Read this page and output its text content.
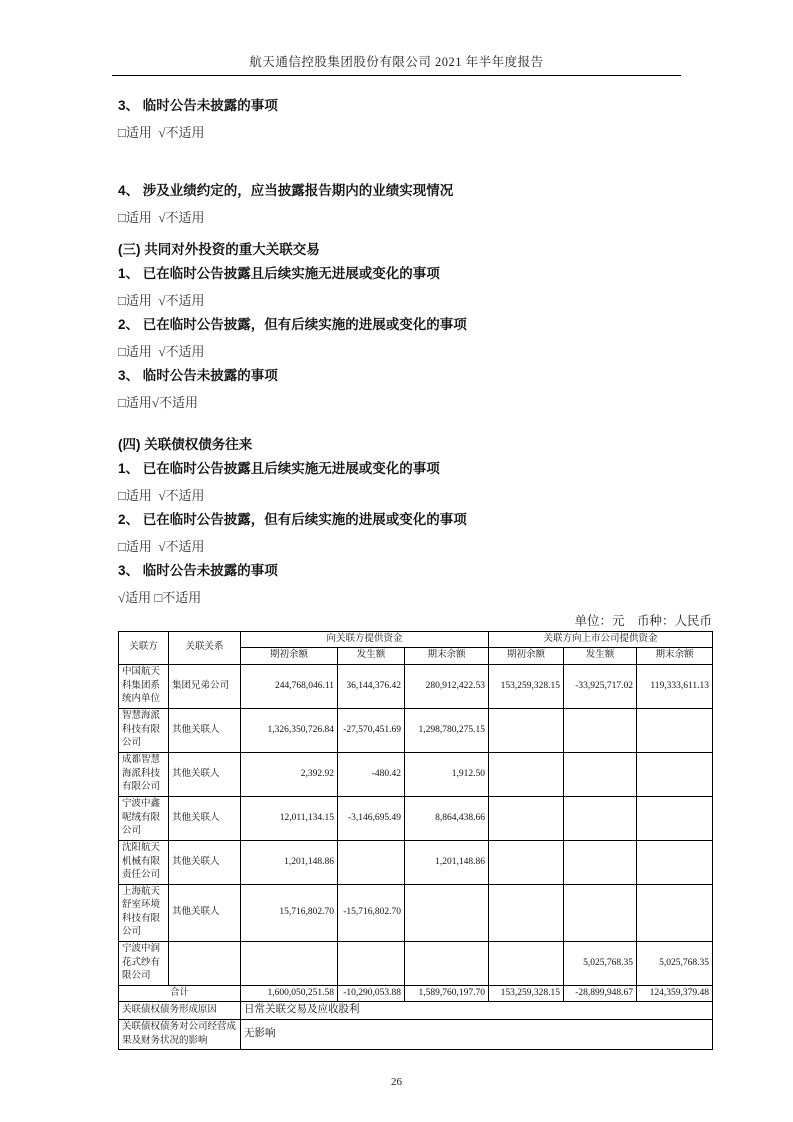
航天通信控股集团股份有限公司 2021 年半年度报告

3、 临时公告未披露的事项

□适用  √不适用

4、 涉及业绩约定的，应当披露报告期内的业绩实现情况

□适用  √不适用

(三) 共同对外投资的重大关联交易

1、 已在临时公告披露且后续实施无进展或变化的事项

□适用  √不适用

2、 已在临时公告披露，但有后续实施的进展或变化的事项

□适用  √不适用

3、 临时公告未披露的事项

□适用√不适用

(四) 关联债权债务往来

1、 已在临时公告披露且后续实施无进展或变化的事项

□适用  √不适用

2、 已在临时公告披露，但有后续实施的进展或变化的事项

□适用  √不适用

3、 临时公告未披露的事项

√适用 □不适用

单位：元　币种：人民币
关联方	关联关系	向关联方提供资金			关联方向上市公司提供资金		
		期初余额	发生额	期末余额	期初余额	发生额	期末余额
中国航天科集团系统内单位	集团兄弟公司	244,768,046.11	36,144,376.42	280,912,422.53	153,259,328.15	-33,925,717.02	119,333,611.13
智慧海派科技有限公司	其他关联人	1,326,350,726.84	-27,570,451.69	1,298,780,275.15			
成都智慧海派科技有限公司	其他关联人	2,392.92	-480.42	1,912.50			
宁波中鑫呢绒有限公司	其他关联人	12,011,134.15	-3,146,695.49	8,864,438.66			
沈阳航天机械有限责任公司	其他关联人	1,201,148.86		1,201,148.86			
上海航天舒室环境科技有限公司	其他关联人	15,716,802.70	-15,716,802.70				
宁波中润花式纱有限公司						5,025,768.35	5,025,768.35
合计		1,600,050,251.58	-10,290,053.88	1,589,760,197.70	153,259,328.15	-28,899,948.67	124,359,379.48
关联债权债务形成原因		日常关联交易及应收股利					
关联债权债务对公司经营成果及财务状况的影响		无影响					
26
